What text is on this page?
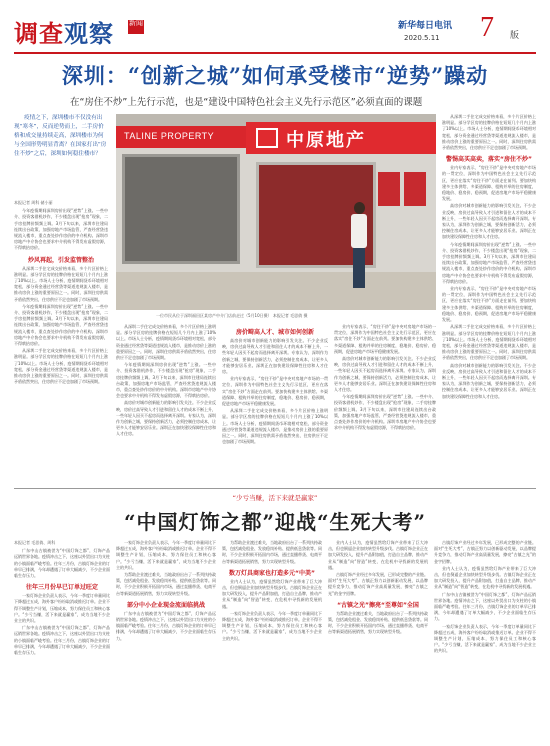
调查观察 新闻	新华每日电讯
2020.5.11 7 版
深圳：“创新之城”如何承受楼市“逆势”躁动
在“房住不炒”上先行示范，也是“建设中国特色社会主义先行示范区”必须直面的课题

疫情之下，深圳楼市不仅没有出现“寒冬”，反而逆势而上，二手房价格和成交量持续走高，深圳楼市为何与全国形势明显背离？在国家打出“房住不炒”之后，深圳如何稳住楼市？

TALINE PROPERTY	中原地产
一位市民从位于深圳福田区某房产中介门店前走过（5月10日摄） 本报记者 毛思倩 摄
本报记者 周科 储小丽

今年疫情期间深圳房价出现“逆势”上涨。一些中介、投资客借机炒作，不少楼盘出现“抢房”现象，二手房挂牌价频频上调。3月下旬以来，深圳市住建局连续出台政策，加强房地产市场监管，严查经营贷违规流入楼市，重点查处炒作房价的中介机构。深圳市房地产中介协会也要求中介机构不得发布虚假房源，不得哄抬房价。

炒风再起，引发监管整治

从深圳二手住宅成交价格来看，多个片区价格上涨明显。部分学区房的挂牌价格在短短几个月内上涨了10%以上。市场人士分析，疫情期间货币环境相对宽松，部分资金通过经营贷等渠道违规流入楼市，是推动房价上涨的重要原因之一。同时，深圳住房供需矛盾依然突出，住房供应不足也加剧了市场预期。

今年疫情期间深圳房价出现“逆势”上涨。一些中介、投资客借机炒作，不少楼盘出现“抢房”现象，二手房挂牌价频频上调。3月下旬以来，深圳市住建局连续出台政策，加强房地产市场监管，严查经营贷违规流入楼市，重点查处炒作房价的中介机构。深圳市房地产中介协会也要求中介机构不得发布虚假房源，不得哄抬房价。

从深圳二手住宅成交价格来看，多个片区价格上涨明显。部分学区房的挂牌价格在短短几个月内上涨了10%以上。市场人士分析，疫情期间货币环境相对宽松，部分资金通过经营贷等渠道违规流入楼市，是推动房价上涨的重要原因之一。同时，深圳住房供需矛盾依然突出，住房供应不足也加剧了市场预期。

从深圳二手住宅成交价格来看，多个片区价格上涨明显。部分学区房的挂牌价格在短短几个月内上涨了10%以上。市场人士分析，疫情期间货币环境相对宽松，部分资金通过经营贷等渠道违规流入楼市，是推动房价上涨的重要原因之一。同时，深圳住房供需矛盾依然突出，住房供应不足也加剧了市场预期。

今年疫情期间深圳房价出现“逆势”上涨。一些中介、投资客借机炒作，不少楼盘出现“抢房”现象，二手房挂牌价频频上调。3月下旬以来，深圳市住建局连续出台政策，加强房地产市场监管，严查经营贷违规流入楼市，重点查处炒作房价的中介机构。深圳市房地产中介协会也要求中介机构不得发布虚假房源，不得哄抬房价。

高房价对城市创新能力的影响引发关注。不少企业反映，房价过高导致人才引进和留住人才的成本不断上升，一些年轻人因买不起房而选择离开深圳。专家认为，深圳作为创新之城，要保持创新活力，必须控制住房成本，让更多人才能够安居乐业。深圳正在加快建设保障性住房和人才住房。

房价畸高人才、城市如何创新

高房价对城市创新能力的影响引发关注。不少企业反映，房价过高导致人才引进和留住人才的成本不断上升，一些年轻人因买不起房而选择离开深圳。专家认为，深圳作为创新之城，要保持创新活力，必须控制住房成本，让更多人才能够安居乐业。深圳正在加快建设保障性住房和人才住房。

业内专家表示，“房住不炒”是中央对房地产市场的一贯定位，深圳作为中国特色社会主义先行示范区，更应在落实“房住不炒”方面走在前列。要加快构建多主体供给、多渠道保障、租购并举的住房制度，稳地价、稳房价、稳预期，促进房地产市场平稳健康发展。

从深圳二手住宅成交价格来看，多个片区价格上涨明显。部分学区房的挂牌价格在短短几个月内上涨了10%以上。市场人士分析，疫情期间货币环境相对宽松，部分资金通过经营贷等渠道违规流入楼市，是推动房价上涨的重要原因之一。同时，深圳住房供需矛盾依然突出，住房供应不足也加剧了市场预期。

业内专家表示，“房住不炒”是中央对房地产市场的一贯定位，深圳作为中国特色社会主义先行示范区，更应在落实“房住不炒”方面走在前列。要加快构建多主体供给、多渠道保障、租购并举的住房制度，稳地价、稳房价、稳预期，促进房地产市场平稳健康发展。

高房价对城市创新能力的影响引发关注。不少企业反映，房价过高导致人才引进和留住人才的成本不断上升，一些年轻人因买不起房而选择离开深圳。专家认为，深圳作为创新之城，要保持创新活力，必须控制住房成本，让更多人才能够安居乐业。深圳正在加快建设保障性住房和人才住房。

今年疫情期间深圳房价出现“逆势”上涨。一些中介、投资客借机炒作，不少楼盘出现“抢房”现象，二手房挂牌价频频上调。3月下旬以来，深圳市住建局连续出台政策，加强房地产市场监管，严查经营贷违规流入楼市，重点查处炒作房价的中介机构。深圳市房地产中介协会也要求中介机构不得发布虚假房源，不得哄抬房价。

从深圳二手住宅成交价格来看，多个片区价格上涨明显。部分学区房的挂牌价格在短短几个月内上涨了10%以上。市场人士分析，疫情期间货币环境相对宽松，部分资金通过经营贷等渠道违规流入楼市，是推动房价上涨的重要原因之一。同时，深圳住房供需矛盾依然突出，住房供应不足也加剧了市场预期。

警惕高买高卖，落实“房住不炒”

业内专家表示，“房住不炒”是中央对房地产市场的一贯定位，深圳作为中国特色社会主义先行示范区，更应在落实“房住不炒”方面走在前列。要加快构建多主体供给、多渠道保障、租购并举的住房制度，稳地价、稳房价、稳预期，促进房地产市场平稳健康发展。

高房价对城市创新能力的影响引发关注。不少企业反映，房价过高导致人才引进和留住人才的成本不断上升，一些年轻人因买不起房而选择离开深圳。专家认为，深圳作为创新之城，要保持创新活力，必须控制住房成本，让更多人才能够安居乐业。深圳正在加快建设保障性住房和人才住房。

今年疫情期间深圳房价出现“逆势”上涨。一些中介、投资客借机炒作，不少楼盘出现“抢房”现象，二手房挂牌价频频上调。3月下旬以来，深圳市住建局连续出台政策，加强房地产市场监管，严查经营贷违规流入楼市，重点查处炒作房价的中介机构。深圳市房地产中介协会也要求中介机构不得发布虚假房源，不得哄抬房价。

业内专家表示，“房住不炒”是中央对房地产市场的一贯定位，深圳作为中国特色社会主义先行示范区，更应在落实“房住不炒”方面走在前列。要加快构建多主体供给、多渠道保障、租购并举的住房制度，稳地价、稳房价、稳预期，促进房地产市场平稳健康发展。

从深圳二手住宅成交价格来看，多个片区价格上涨明显。部分学区房的挂牌价格在短短几个月内上涨了10%以上。市场人士分析，疫情期间货币环境相对宽松，部分资金通过经营贷等渠道违规流入楼市，是推动房价上涨的重要原因之一。同时，深圳住房供需矛盾依然突出，住房供应不足也加剧了市场预期。

高房价对城市创新能力的影响引发关注。不少企业反映，房价过高导致人才引进和留住人才的成本不断上升，一些年轻人因买不起房而选择离开深圳。专家认为，深圳作为创新之城，要保持创新活力，必须控制住房成本，让更多人才能够安居乐业。深圳正在加快建设保障性住房和人才住房。

“少亏当赚，活下来就是赢家”
“中国灯饰之都”迎战“生死大考”
本报记者 毛思倩、周科

广东中山古镇被誉为“中国灯饰之都”，灯饰产品远销世界各地。疫情冲击之下，这座以外贸出口为支柱的小镇面临严峻考验。往年三月份，古镇灯饰企业的订单早已排满，今年却遭遇了订单大幅减少，不少企业面临生存压力。

往年三月份早已订单过旺定

一家灯饰企业负责人表示，今年一季度订单量同比下降超过五成，海外客户纷纷取消或推迟订单。企业不得不调整生产计划，压缩成本，努力保住员工和核心客户。“少亏当赚，活下来就是赢家”，成为当地不少企业主的共识。

广东中山古镇被誉为“中国灯饰之都”，灯饰产品远销世界各地。疫情冲击之下，这座以外贸出口为支柱的小镇面临严峻考验。往年三月份，古镇灯饰企业的订单早已排满，今年却遭遇了订单大幅减少，不少企业面临生存压力。

一家灯饰企业负责人表示，今年一季度订单量同比下降超过五成，海外客户纷纷取消或推迟订单。企业不得不调整生产计划，压缩成本，努力保住员工和核心客户。“少亏当赚，活下来就是赢家”，成为当地不少企业主的共识。

为帮助企业渡过难关，当地政府出台了一系列扶持政策，包括减免租金、发放稳岗补贴、提供低息贷款等。同时，不少企业积极开拓国内市场，通过直播带货、电商平台等新渠道拓展销售，努力实现转型升级。

部分中小企业现金流面临挑战

广东中山古镇被誉为“中国灯饰之都”，灯饰产品远销世界各地。疫情冲击之下，这座以外贸出口为支柱的小镇面临严峻考验。往年三月份，古镇灯饰企业的订单早已排满，今年却遭遇了订单大幅减少，不少企业面临生存压力。

为帮助企业渡过难关，当地政府出台了一系列扶持政策，包括减免租金、发放稳岗补贴、提供低息贷款等。同时，不少企业积极开拓国内市场，通过直播带货、电商平台等新渠道拓展销售，努力实现转型升级。

数万灯具商家也打造多元“中美”

业内人士认为，疫情虽然给灯饰产业带来了巨大冲击，但也倒逼企业加快转型升级步伐。古镇灯饰企业正在加大研发投入，提升产品附加值，打造自主品牌，推动产业从“制造”向“智造”转变，在危机中寻找新的发展机遇。

一家灯饰企业负责人表示，今年一季度订单量同比下降超过五成，海外客户纷纷取消或推迟订单。企业不得不调整生产计划，压缩成本，努力保住员工和核心客户。“少亏当赚，活下来就是赢家”，成为当地不少企业主的共识。

业内人士认为，疫情虽然给灯饰产业带来了巨大冲击，但也倒逼企业加快转型升级步伐。古镇灯饰企业正在加大研发投入，提升产品附加值，打造自主品牌，推动产业从“制造”向“智造”转变，在危机中寻找新的发展机遇。

古镇灯饰产业经过多年发展，已形成完整的产业链。面对“生死大考”，古镇正努力以创新驱动发展，以品牌提升竞争力，推动灯饰产业高质量发展，擦亮“古镇之光”的金字招牌。

“古镇之光”擦亮“至尊如”全国

为帮助企业渡过难关，当地政府出台了一系列扶持政策，包括减免租金、发放稳岗补贴、提供低息贷款等。同时，不少企业积极开拓国内市场，通过直播带货、电商平台等新渠道拓展销售，努力实现转型升级。

古镇灯饰产业经过多年发展，已形成完整的产业链。面对“生死大考”，古镇正努力以创新驱动发展，以品牌提升竞争力，推动灯饰产业高质量发展，擦亮“古镇之光”的金字招牌。

业内人士认为，疫情虽然给灯饰产业带来了巨大冲击，但也倒逼企业加快转型升级步伐。古镇灯饰企业正在加大研发投入，提升产品附加值，打造自主品牌，推动产业从“制造”向“智造”转变，在危机中寻找新的发展机遇。

广东中山古镇被誉为“中国灯饰之都”，灯饰产品远销世界各地。疫情冲击之下，这座以外贸出口为支柱的小镇面临严峻考验。往年三月份，古镇灯饰企业的订单早已排满，今年却遭遇了订单大幅减少，不少企业面临生存压力。

一家灯饰企业负责人表示，今年一季度订单量同比下降超过五成，海外客户纷纷取消或推迟订单。企业不得不调整生产计划，压缩成本，努力保住员工和核心客户。“少亏当赚，活下来就是赢家”，成为当地不少企业主的共识。
